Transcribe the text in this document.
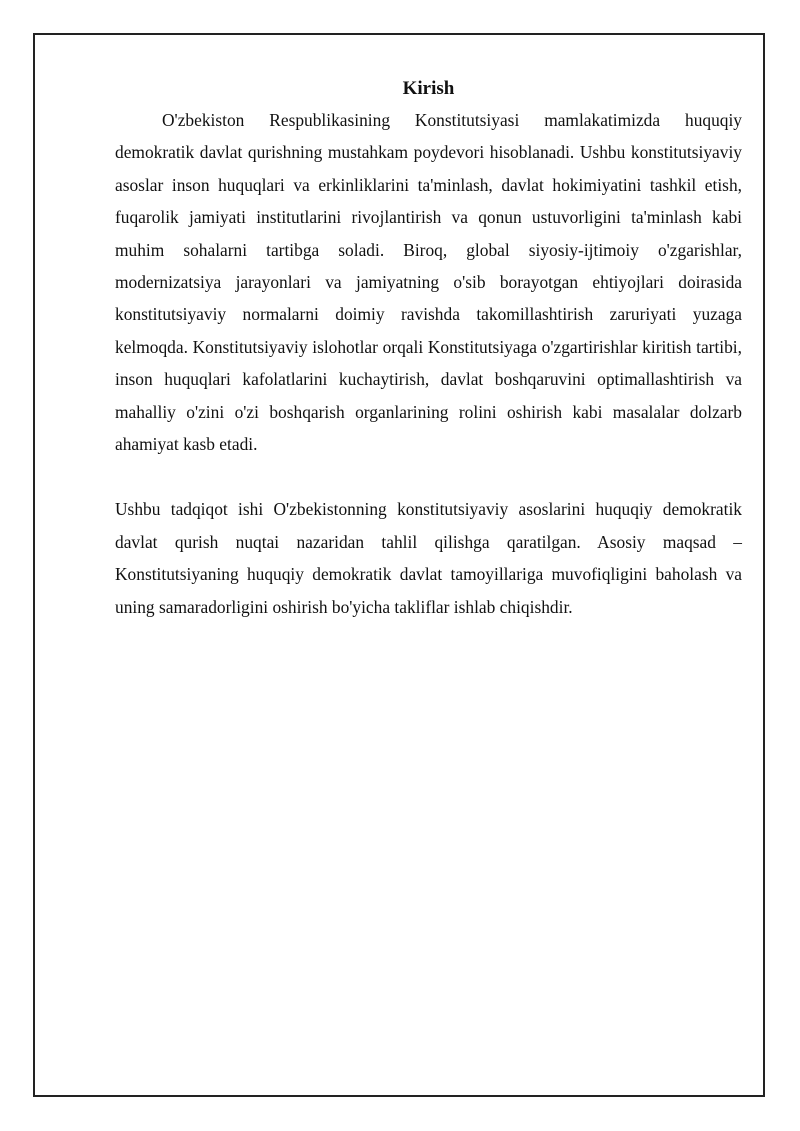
Kirish

O'zbekiston Respublikasining Konstitutsiyasi mamlakatimizda huquqiy demokratik davlat qurishning mustahkam poydevori hisoblanadi. Ushbu konstitutsiyaviy asoslar inson huquqlari va erkinliklarini ta'minlash, davlat hokimiyatini tashkil etish, fuqarolik jamiyati institutlarini rivojlantirish va qonun ustuvorligini ta'minlash kabi muhim sohalarni tartibga soladi. Biroq, global siyosiy-ijtimoiy o'zgarishlar, modernizatsiya jarayonlari va jamiyatning o'sib borayotgan ehtiyojlari doirasida konstitutsiyaviy normalarni doimiy ravishda takomillashtirish zaruriyati yuzaga kelmoqda. Konstitutsiyaviy islohotlar orqali Konstitutsiyaga o'zgartirishlar kiritish tartibi, inson huquqlari kafolatlarini kuchaytirish, davlat boshqaruvini optimallashtirish va mahalliy o'zini o'zi boshqarish organlarining rolini oshirish kabi masalalar dolzarb ahamiyat kasb etadi.

Ushbu tadqiqot ishi O'zbekistonning konstitutsiyaviy asoslarini huquqiy demokratik davlat qurish nuqtai nazaridan tahlil qilishga qaratilgan. Asosiy maqsad – Konstitutsiyaning huquqiy demokratik davlat tamoyillariga muvofiqligini baholash va uning samaradorligini oshirish bo'yicha takliflar ishlab chiqishdir.
